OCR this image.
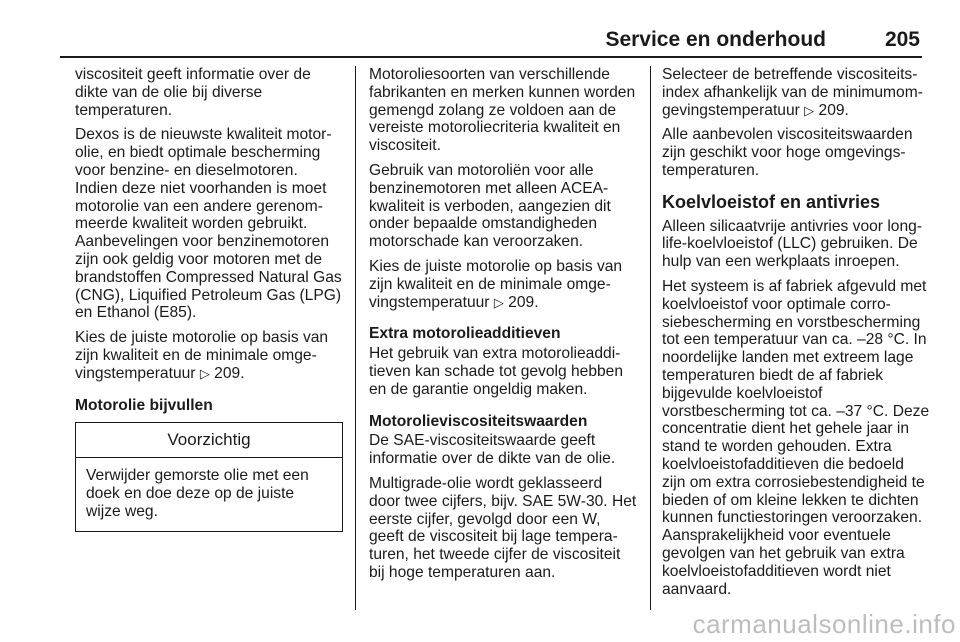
Service en onderhoud	205

viscositeit geeft informatie over de dikte van de olie bij diverse temperaturen.

Dexos is de nieuwste kwaliteit motorolie, en biedt optimale bescherming voor benzine- en dieselmotoren. Indien deze niet voorhanden is moet motorolie van een andere gerenommeerde kwaliteit worden gebruikt. Aanbevelingen voor benzinemotoren zijn ook geldig voor motoren met de brandstoffen Compressed Natural Gas (CNG), Liquified Petroleum Gas (LPG) en Ethanol (E85).

Kies de juiste motorolie op basis van zijn kwaliteit en de minimale omgevingstemperatuur ▷ 209.

Motorolie bijvullen
Voorzichtig
Verwijder gemorste olie met een doek en doe deze op de juiste wijze weg.

Motoroliesoorten van verschillende fabrikanten en merken kunnen worden gemengd zolang ze voldoen aan de vereiste motoroliecriteria kwaliteit en viscositeit.

Gebruik van motoroliën voor alle benzinemotoren met alleen ACEA-kwaliteit is verboden, aangezien dit onder bepaalde omstandigheden motorschade kan veroorzaken.

Kies de juiste motorolie op basis van zijn kwaliteit en de minimale omgevingstemperatuur ▷ 209.

Extra motorolieadditieven

Het gebruik van extra motorolieadditieven kan schade tot gevolg hebben en de garantie ongeldig maken.

Motorolieviscositeitswaarden

De SAE-viscositeitswaarde geeft informatie over de dikte van de olie.

Multigrade-olie wordt geklasseerd door twee cijfers, bijv. SAE 5W-30. Het eerste cijfer, gevolgd door een W, geeft de viscositeit bij lage temperaturen, het tweede cijfer de viscositeit bij hoge temperaturen aan.

Selecteer de betreffende viscositeitsindex afhankelijk van de minimumomgevingstemperatuur ▷ 209.

Alle aanbevolen viscositeitswaarden zijn geschikt voor hoge omgevingstemperaturen.

Koelvloeistof en antivries

Alleen silicaatvrije antivries voor long-life-koelvloeistof (LLC) gebruiken. De hulp van een werkplaats inroepen.

Het systeem is af fabriek afgevuld met koelvloeistof voor optimale corrosiebescherming en vorstbescherming tot een temperatuur van ca. –28 °C. In noordelijke landen met extreem lage temperaturen biedt de af fabriek bijgevulde koelvloeistof vorstbescherming tot ca. –37 °C. Deze concentratie dient het gehele jaar in stand te worden gehouden. Extra koelvloeistofadditieven die bedoeld zijn om extra corrosiebestendigheid te bieden of om kleine lekken te dichten kunnen functiestoringen veroorzaken. Aansprakelijkheid voor eventuele gevolgen van het gebruik van extra koelvloeistofadditieven wordt niet aanvaard.

carmanualsonline.info
